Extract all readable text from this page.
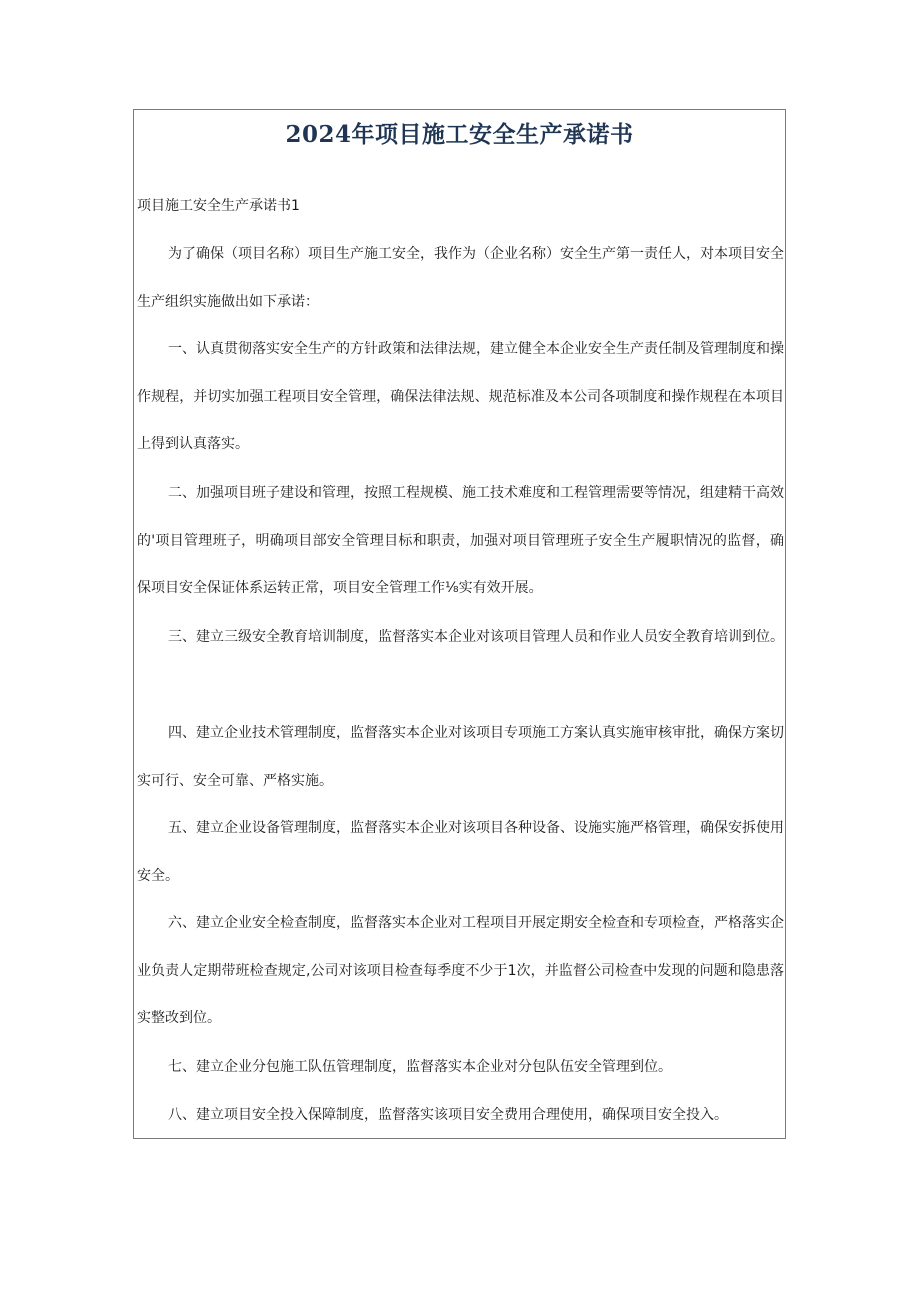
2024年项目施工安全生产承诺书
项目施工安全生产承诺书1
为了确保（项目名称）项目生产施工安全，我作为（企业名称）安全生产第一责任人，对本项目安全生产组织实施做出如下承诺：
一、认真贯彻落实安全生产的方针政策和法律法规，建立健全本企业安全生产责任制及管理制度和操作规程，并切实加强工程项目安全管理，确保法律法规、规范标准及本公司各项制度和操作规程在本项目上得到认真落实。
二、加强项目班子建设和管理，按照工程规模、施工技术难度和工程管理需要等情况，组建精干高效的'项目管理班子，明确项目部安全管理目标和职责，加强对项目管理班子安全生产履职情况的监督，确保项目安全保证体系运转正常，项目安全管理工作⅛实有效开展。
三、建立三级安全教育培训制度，监督落实本企业对该项目管理人员和作业人员安全教育培训到位。
四、建立企业技术管理制度，监督落实本企业对该项目专项施工方案认真实施审核审批，确保方案切实可行、安全可靠、严格实施。
五、建立企业设备管理制度，监督落实本企业对该项目各种设备、设施实施严格管理，确保安拆使用安全。
六、建立企业安全检查制度，监督落实本企业对工程项目开展定期安全检查和专项检查，严格落实企业负责人定期带班检查规定,公司对该项目检查每季度不少于1次，并监督公司检查中发现的问题和隐患落实整改到位。
七、建立企业分包施工队伍管理制度，监督落实本企业对分包队伍安全管理到位。
八、建立项目安全投入保障制度，监督落实该项目安全费用合理使用，确保项目安全投入。
